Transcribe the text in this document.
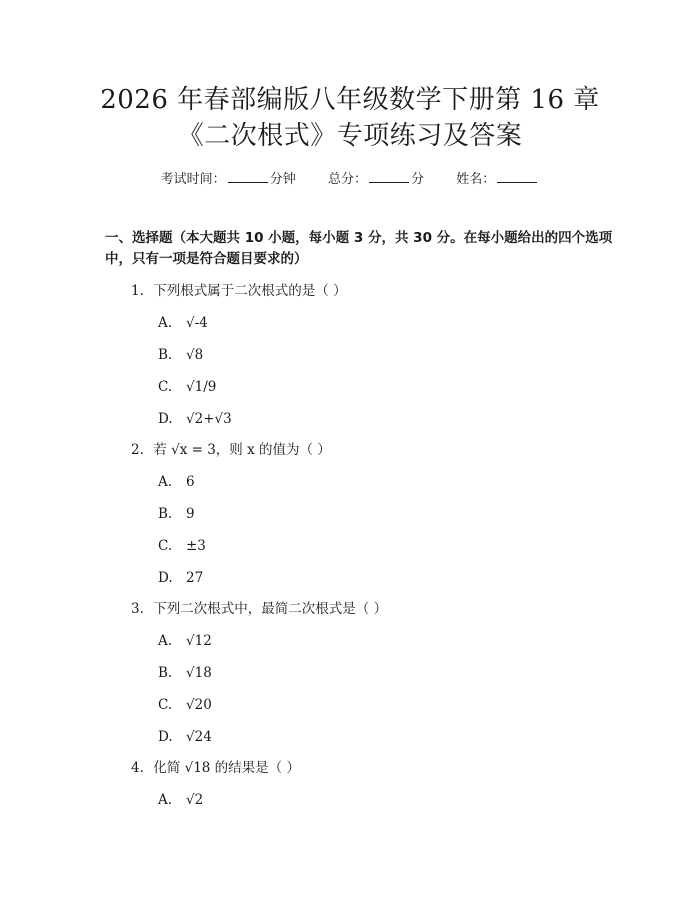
2026 年春部编版八年级数学下册第 16 章
《二次根式》专项练习及答案
考试时间：	分钟 总分：	分 姓名：
一、选择题（本大题共 10 小题，每小题 3 分，共 30 分。在每小题给出的四个选项中，只有一项是符合题目要求的）
1. 下列根式属于二次根式的是（ ）
A. √-4
B. √8
C. √1/9
D. √2+√3
2. 若 √x = 3，则 x 的值为（ ）
A. 6
B. 9
C. ±3
D. 27
3. 下列二次根式中，最简二次根式是（ ）
A. √12
B. √18
C. √20
D. √24
4. 化简 √18 的结果是（ ）
A. √2
